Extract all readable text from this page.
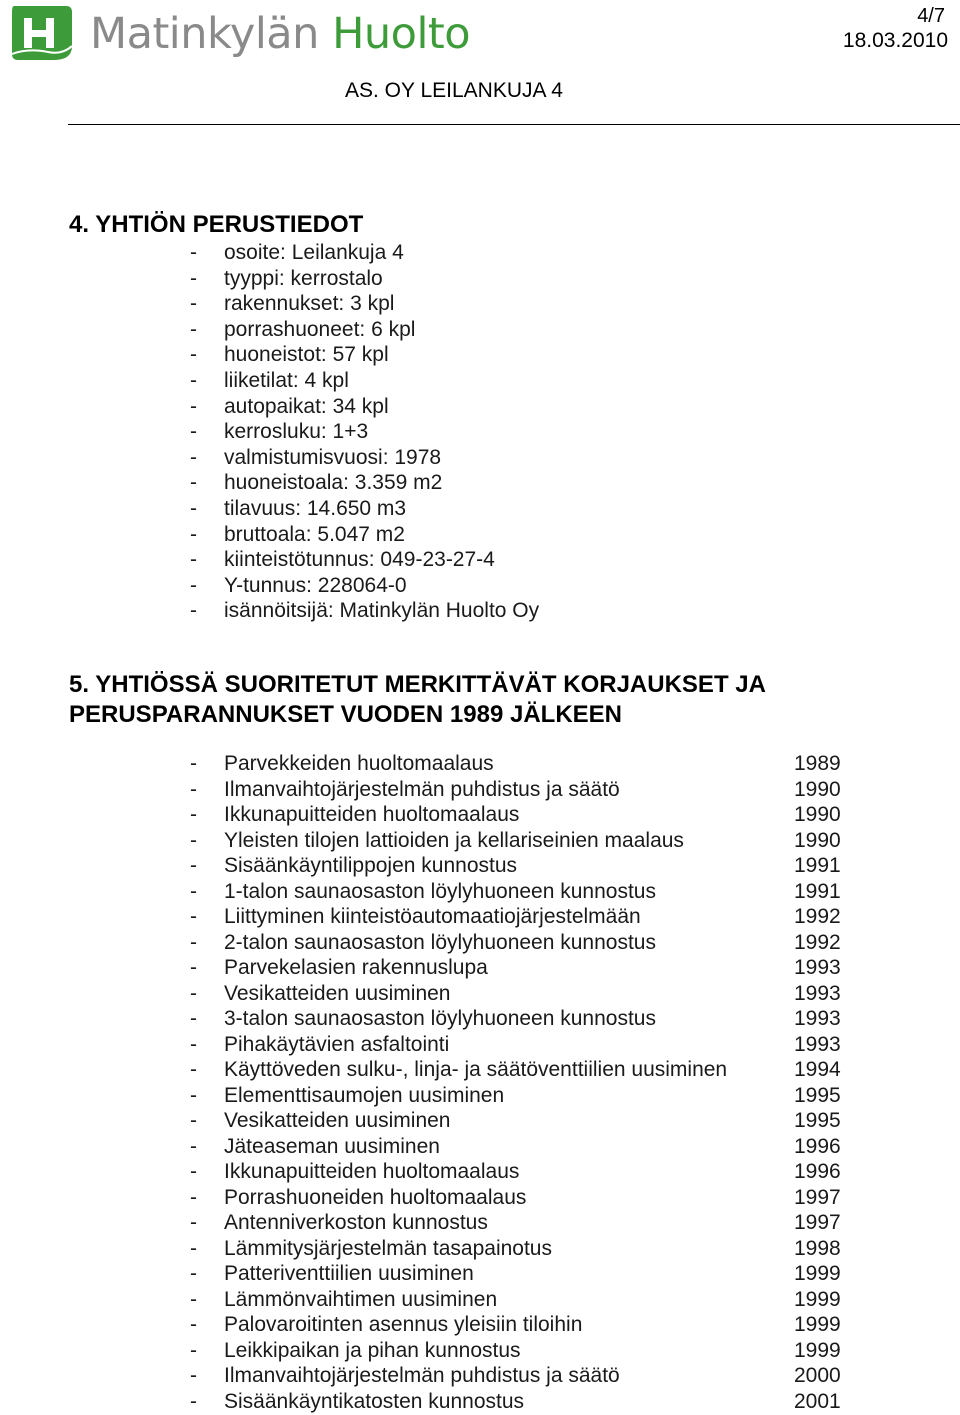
Matinkylän Huolto	4/7
18.03.2010
AS. OY LEILANKUJA 4
4. YHTIÖN PERUSTIEDOT
- osoite: Leilankuja 4
- tyyppi: kerrostalo
- rakennukset: 3 kpl
- porrashuoneet: 6 kpl
- huoneistot: 57 kpl
- liiketilat: 4 kpl
- autopaikat: 34 kpl
- kerrosluku: 1+3
- valmistumisvuosi: 1978
- huoneistoala: 3.359 m2
- tilavuus: 14.650 m3
- bruttoala: 5.047 m2
- kiinteistötunnus: 049-23-27-4
- Y-tunnus: 228064-0
- isännöitsijä: Matinkylän Huolto Oy
5. YHTIÖSSÄ SUORITETUT MERKITTÄVÄT KORJAUKSET JA
PERUSPARANNUKSET VUODEN 1989 JÄLKEEN
- Parvekkeiden huoltomaalaus	1989
- Ilmanvaihtojärjestelmän puhdistus ja säätö	1990
- Ikkunapuitteiden huoltomaalaus	1990
- Yleisten tilojen lattioiden ja kellariseinien maalaus	1990
- Sisäänkäyntilippojen kunnostus	1991
- 1-talon saunaosaston löylyhuoneen kunnostus	1991
- Liittyminen kiinteistöautomaatiojärjestelmään	1992
- 2-talon saunaosaston löylyhuoneen kunnostus	1992
- Parvekelasien rakennuslupa	1993
- Vesikatteiden uusiminen	1993
- 3-talon saunaosaston löylyhuoneen kunnostus	1993
- Pihakäytävien asfaltointi	1993
- Käyttöveden sulku-, linja- ja säätöventtiilien uusiminen	1994
- Elementtisaumojen uusiminen	1995
- Vesikatteiden uusiminen	1995
- Jäteaseman uusiminen	1996
- Ikkunapuitteiden huoltomaalaus	1996
- Porrashuoneiden huoltomaalaus	1997
- Antenniverkoston kunnostus	1997
- Lämmitysjärjestelmän tasapainotus	1998
- Patteriventtiilien uusiminen	1999
- Lämmönvaihtimen uusiminen	1999
- Palovaroitinten asennus yleisiin tiloihin	1999
- Leikkipaikan ja pihan kunnostus	1999
- Ilmanvaihtojärjestelmän puhdistus ja säätö	2000
- Sisäänkäyntikatosten kunnostus	2001
